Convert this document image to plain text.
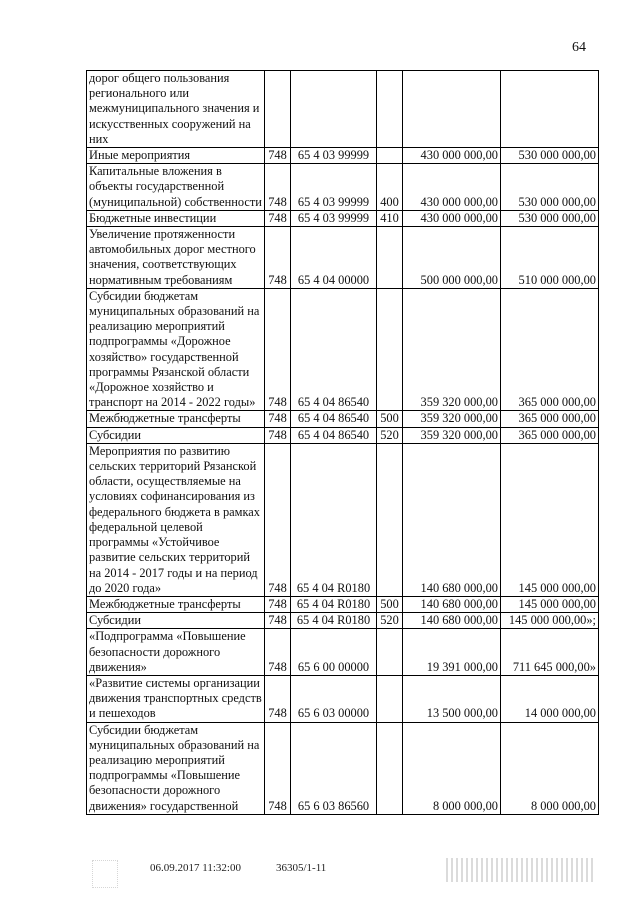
64
дорог общего пользования регионального или межмуниципального значения и искусственных сооружений на них					
Иные мероприятия	748	65 4 03 99999		430 000 000,00	530 000 000,00
Капитальные вложения в объекты государственной (муниципальной) собственности	748	65 4 03 99999	400	430 000 000,00	530 000 000,00
Бюджетные инвестиции	748	65 4 03 99999	410	430 000 000,00	530 000 000,00
Увеличение протяженности автомобильных дорог местного значения, соответствующих нормативным требованиям	748	65 4 04 00000		500 000 000,00	510 000 000,00
Субсидии бюджетам муниципальных образований на реализацию мероприятий подпрограммы «Дорожное хозяйство» государственной программы Рязанской области «Дорожное хозяйство и транспорт на 2014 - 2022 годы»	748	65 4 04 86540		359 320 000,00	365 000 000,00
Межбюджетные трансферты	748	65 4 04 86540	500	359 320 000,00	365 000 000,00
Субсидии	748	65 4 04 86540	520	359 320 000,00	365 000 000,00
Мероприятия по развитию сельских территорий Рязанской области, осуществляемые на условиях софинансирования из федерального бюджета в рамках федеральной целевой программы «Устойчивое развитие сельских территорий на 2014 - 2017 годы и на период до 2020 года»	748	65 4 04 R0180		140 680 000,00	145 000 000,00
Межбюджетные трансферты	748	65 4 04 R0180	500	140 680 000,00	145 000 000,00
Субсидии	748	65 4 04 R0180	520	140 680 000,00	145 000 000,00»;
«Подпрограмма «Повышение безопасности дорожного движения»	748	65 6 00 00000		19 391 000,00	711 645 000,00»
«Развитие системы организации движения транспортных средств и пешеходов	748	65 6 03 00000		13 500 000,00	14 000 000,00
Субсидии бюджетам муниципальных образований на реализацию мероприятий подпрограммы «Повышение безопасности дорожного движения» государственной	748	65 6 03 86560		8 000 000,00	8 000 000,00
06.09.2017 11:32:00	36305/1-11
